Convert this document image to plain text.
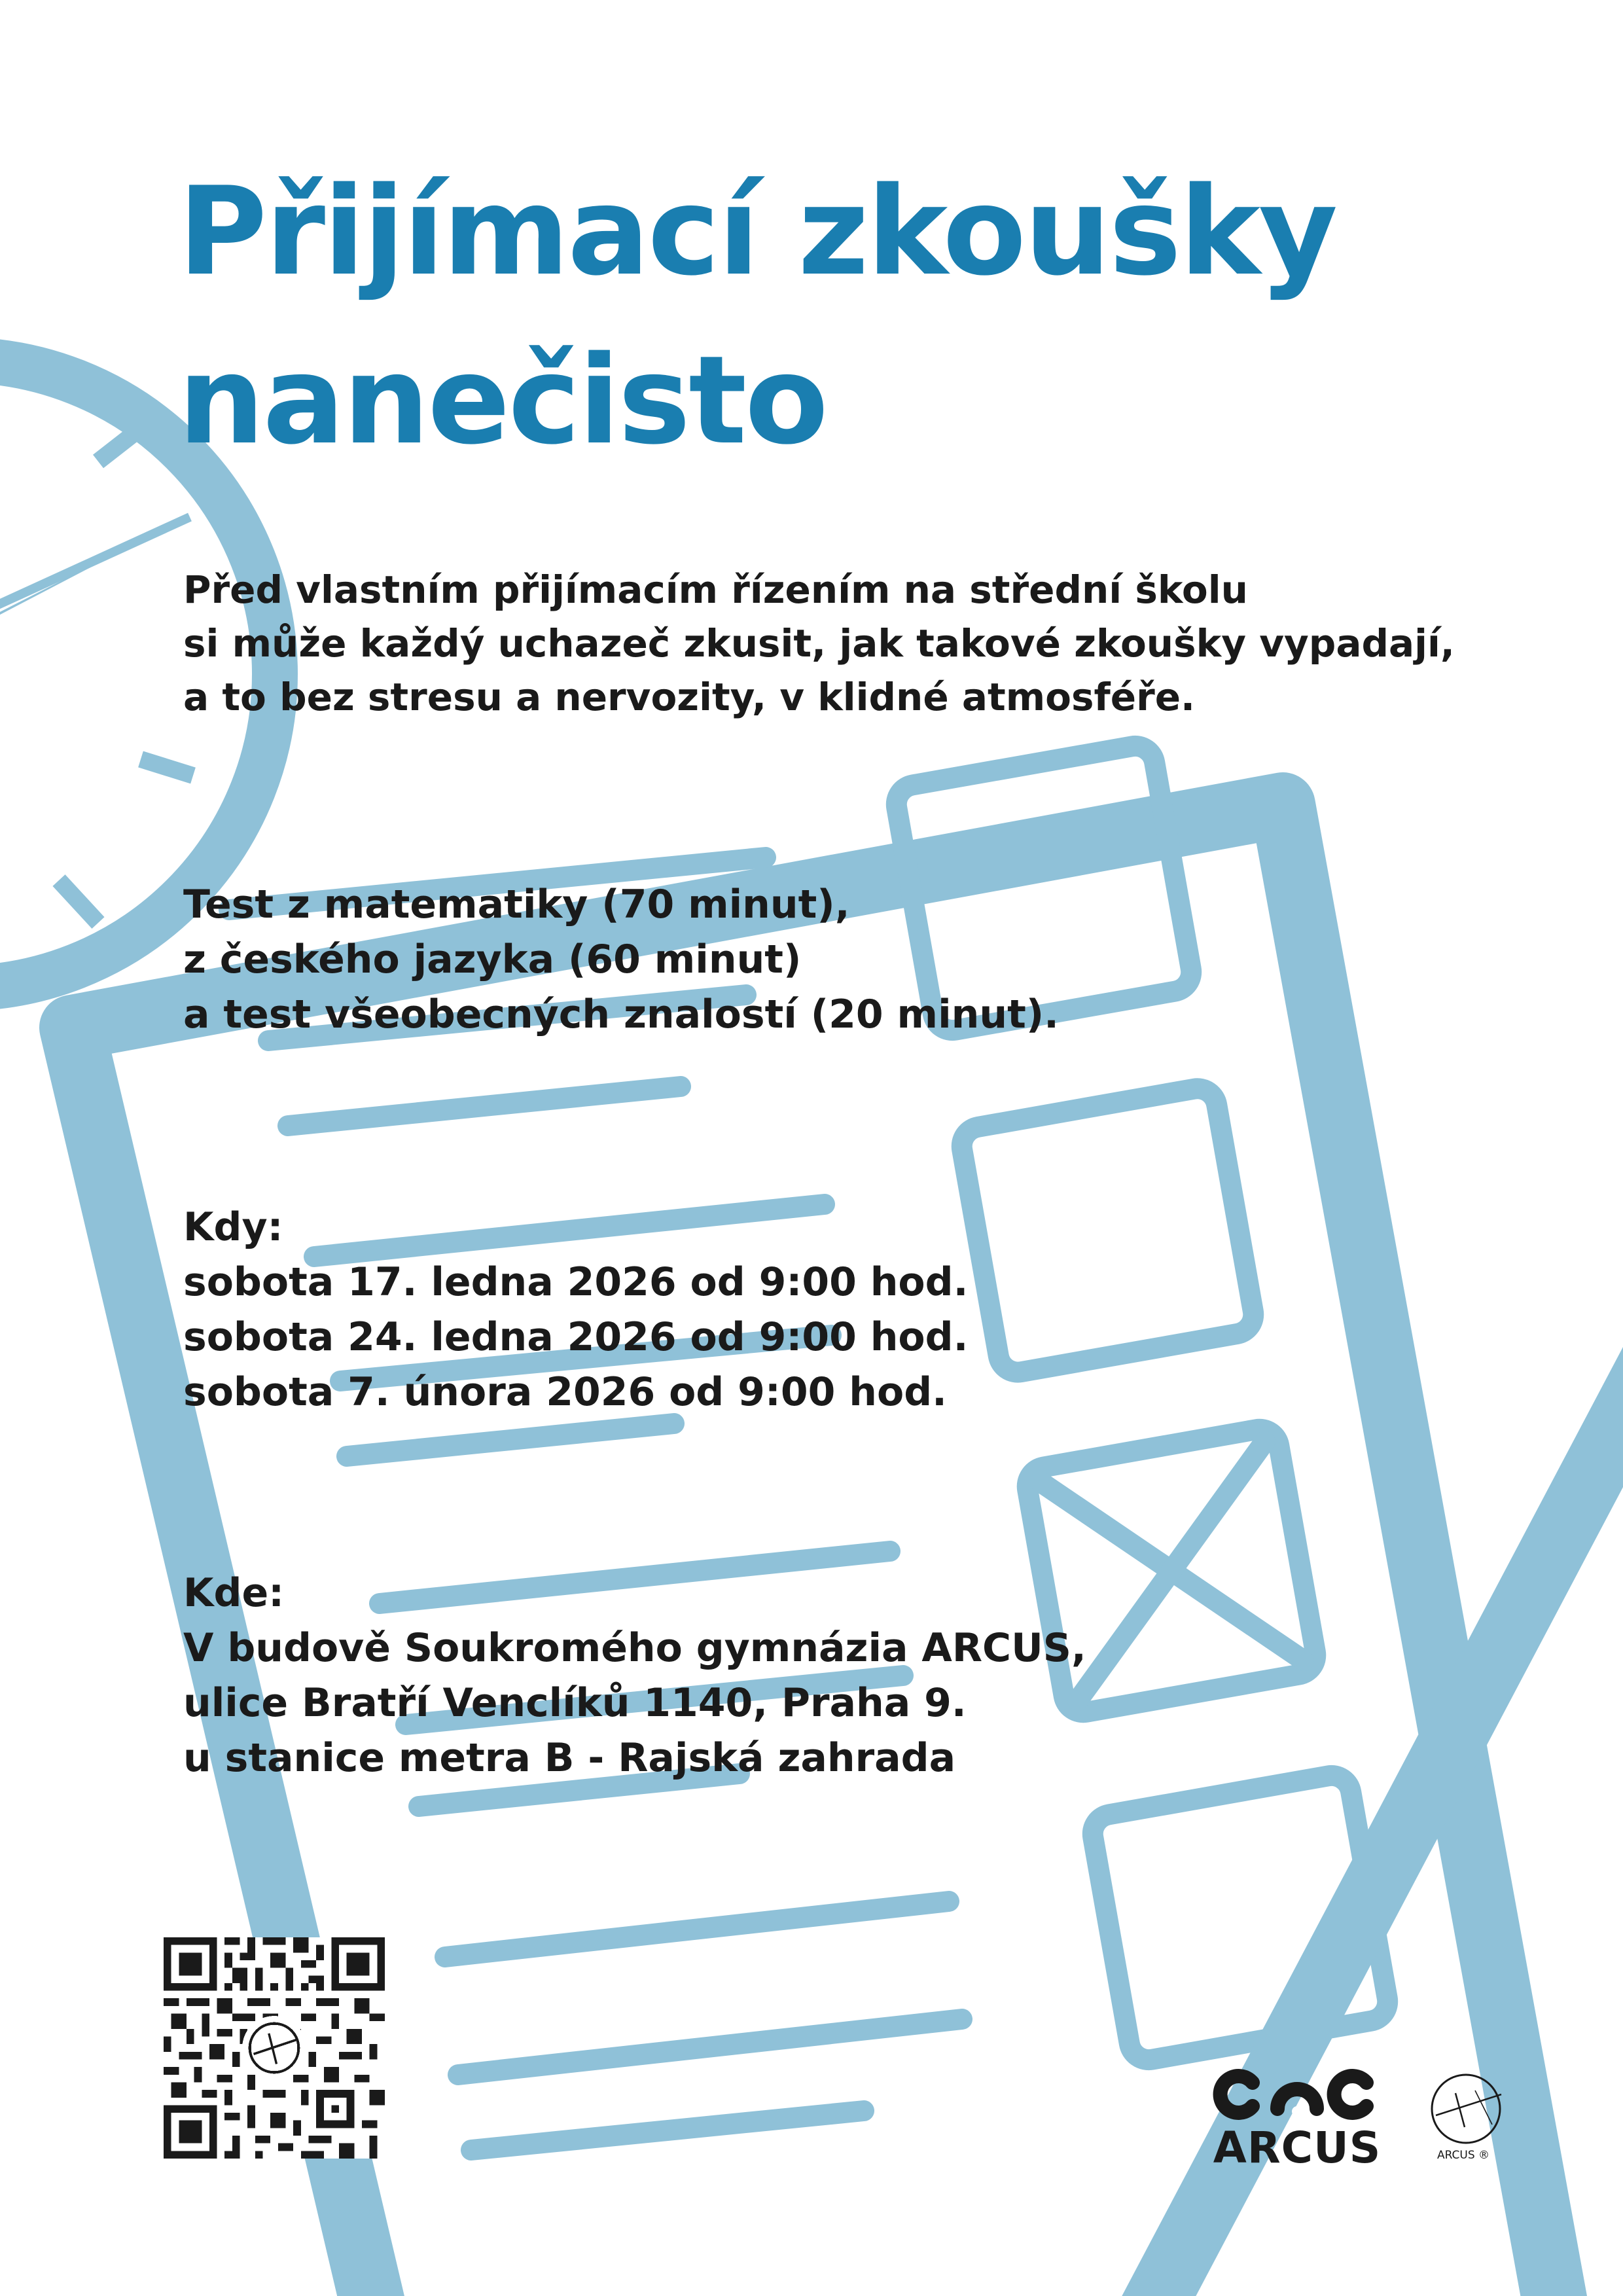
Přijímací zkoušky
nanečisto

Před vlastním přijímacím řízením na střední školu
si může každý uchazeč zkusit, jak takové zkoušky vypadají,
a to bez stresu a nervozity, v klidné atmosféře.

Test z matematiky (70 minut),
z českého jazyka (60 minut)
a test všeobecných znalostí (20 minut).

Kdy:
sobota 17. ledna 2026 od 9:00 hod.
sobota 24. ledna 2026 od 9:00 hod.
sobota 7. února 2026 od 9:00 hod.

Kde:
V budově Soukromého gymnázia ARCUS,
ulice Bratří Venclíků 1140, Praha 9.
u stanice metra B - Rajská zahrada

ARCUS	ARCUS ®
